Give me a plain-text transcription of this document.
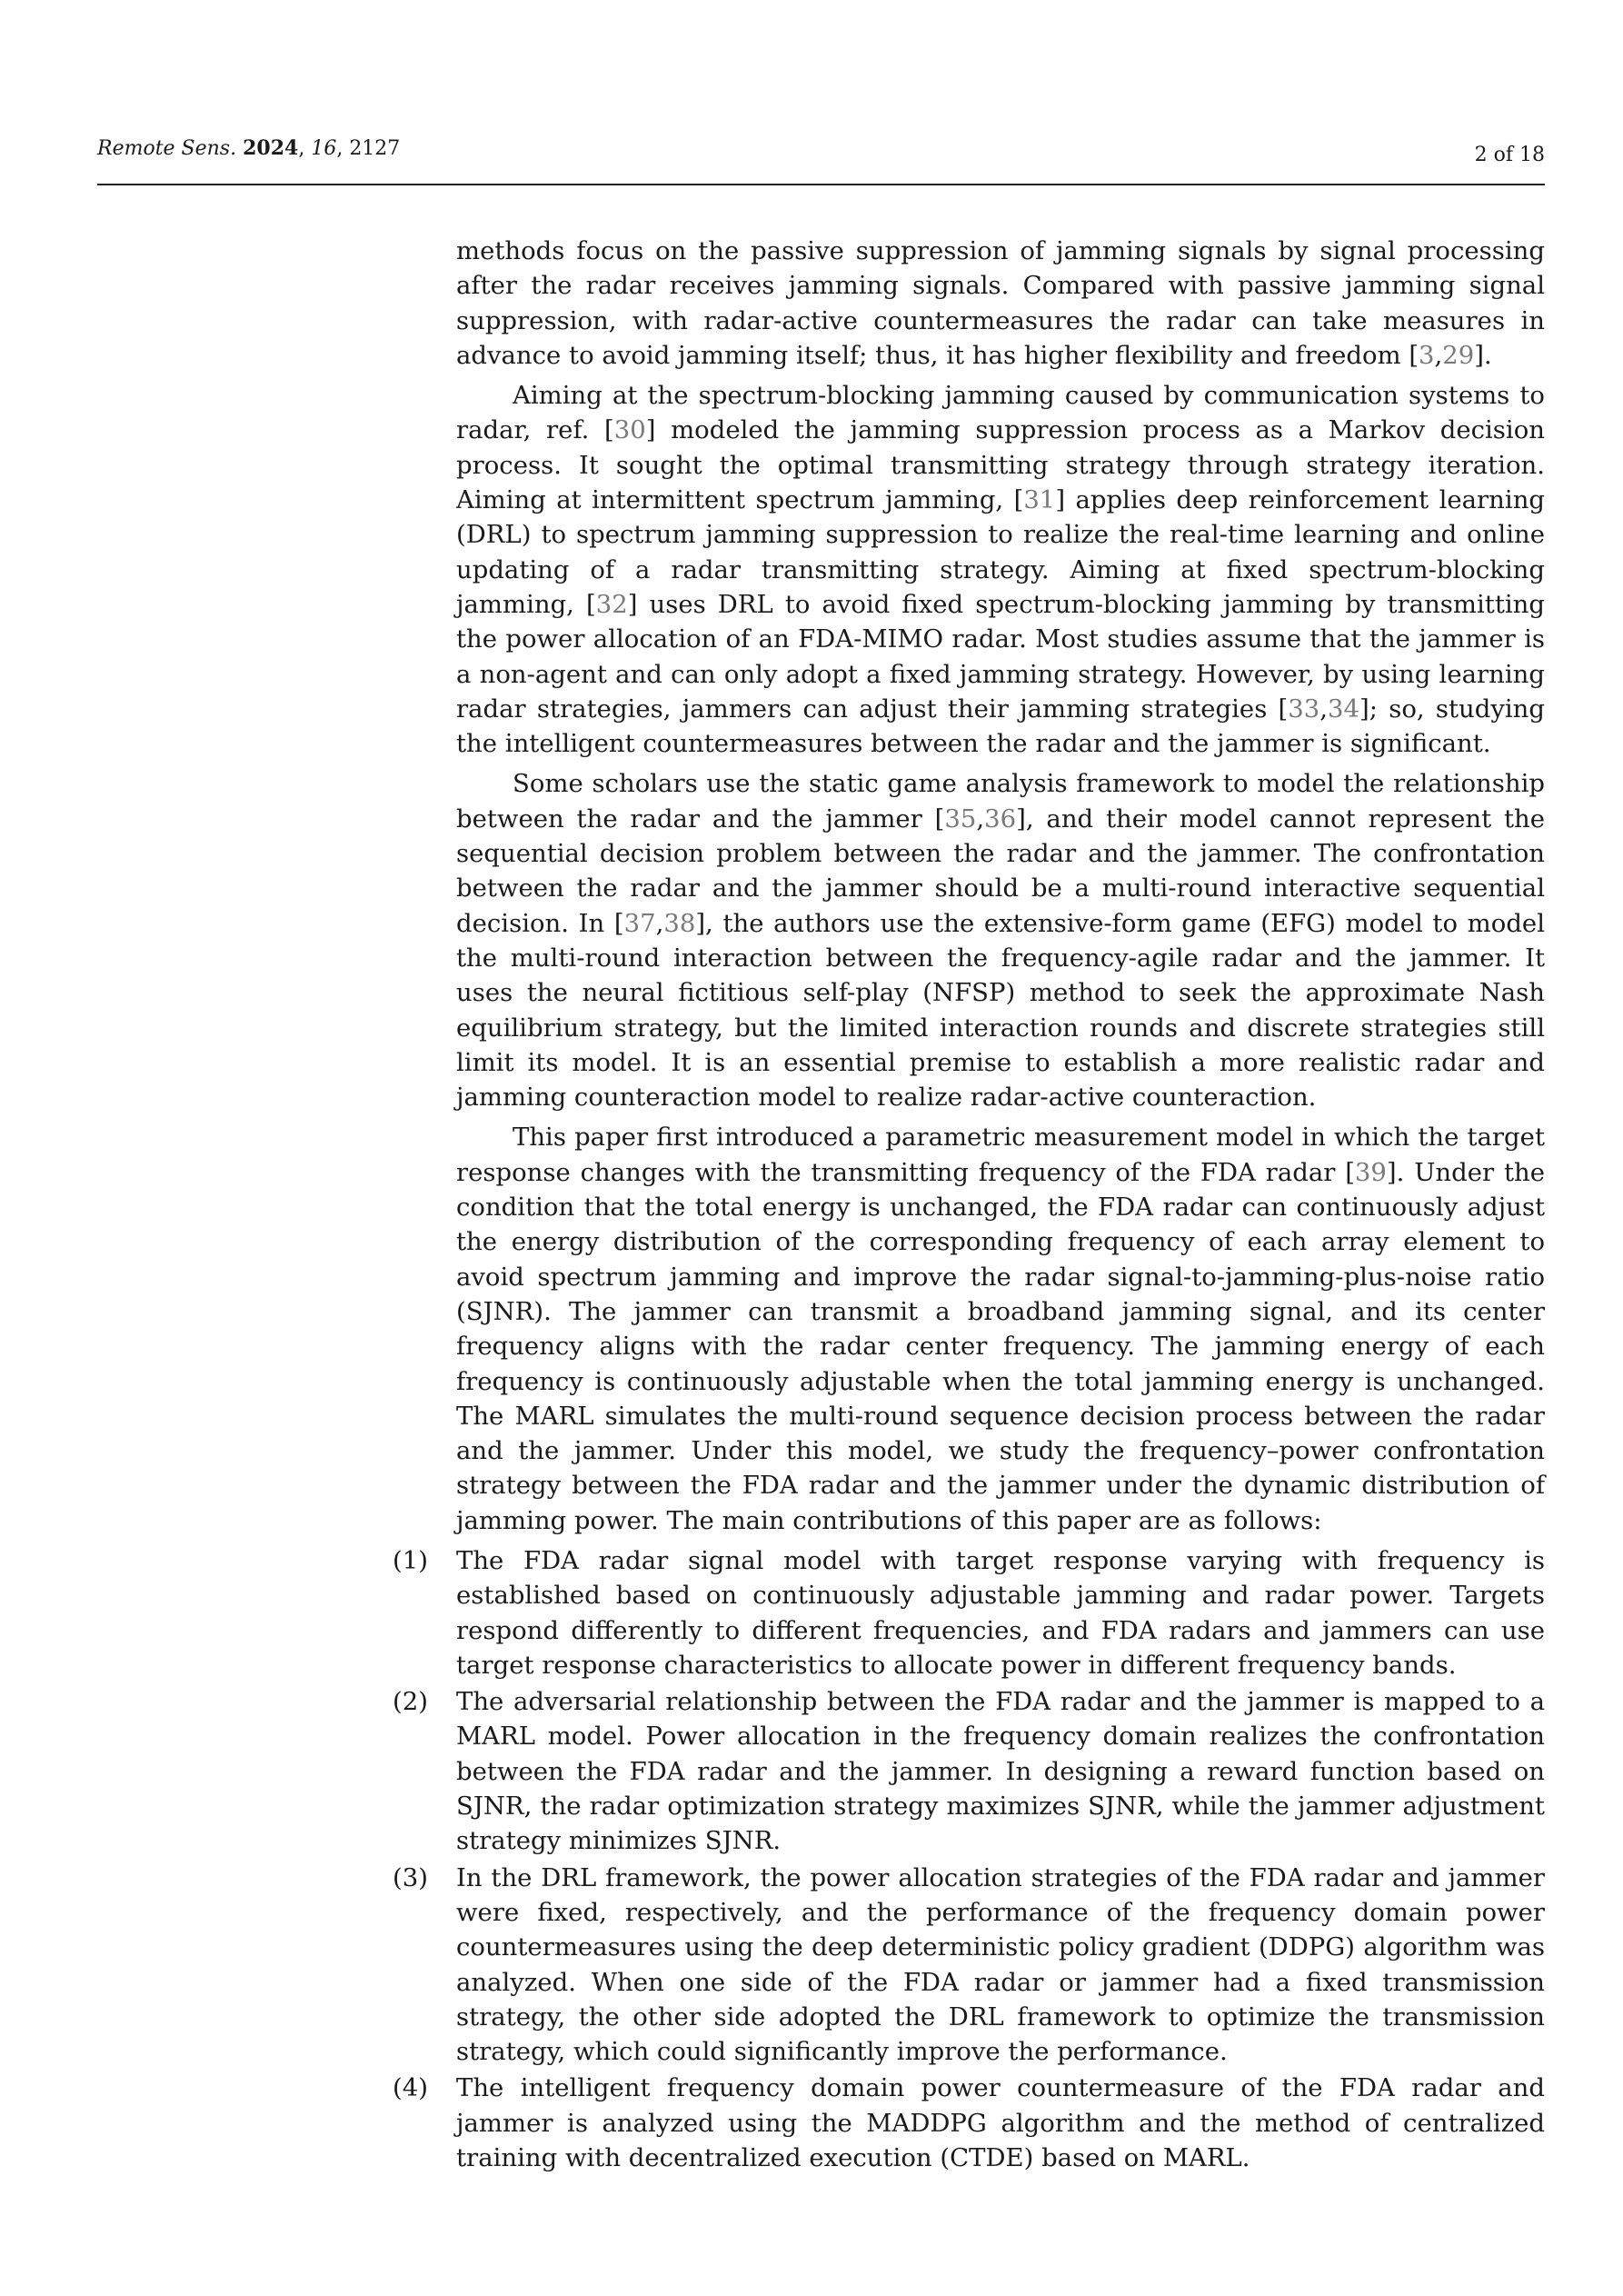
Remote Sens. 2024, 16, 2127	2 of 18

methods focus on the passive suppression of jamming signals by signal processing after the radar receives jamming signals. Compared with passive jamming signal suppression, with radar-active countermeasures the radar can take measures in advance to avoid jamming itself; thus, it has higher flexibility and freedom [3,29].

Aiming at the spectrum-blocking jamming caused by communication systems to radar, ref. [30] modeled the jamming suppression process as a Markov decision process. It sought the optimal transmitting strategy through strategy iteration. Aiming at intermittent spectrum jamming, [31] applies deep reinforcement learning (DRL) to spectrum jamming suppression to realize the real-time learning and online updating of a radar transmitting strategy. Aiming at fixed spectrum-blocking jamming, [32] uses DRL to avoid fixed spectrum-blocking jamming by transmitting the power allocation of an FDA-MIMO radar. Most studies assume that the jammer is a non-agent and can only adopt a fixed jamming strategy. However, by using learning radar strategies, jammers can adjust their jamming strategies [33,34]; so, studying the intelligent countermeasures between the radar and the jammer is significant.

Some scholars use the static game analysis framework to model the relationship between the radar and the jammer [35,36], and their model cannot represent the sequential decision problem between the radar and the jammer. The confrontation between the radar and the jammer should be a multi-round interactive sequential decision. In [37,38], the authors use the extensive-form game (EFG) model to model the multi-round interaction between the frequency-agile radar and the jammer. It uses the neural fictitious self-play (NFSP) method to seek the approximate Nash equilibrium strategy, but the limited interaction rounds and discrete strategies still limit its model. It is an essential premise to establish a more realistic radar and jamming counteraction model to realize radar-active counteraction.

This paper first introduced a parametric measurement model in which the target response changes with the transmitting frequency of the FDA radar [39]. Under the condition that the total energy is unchanged, the FDA radar can continuously adjust the energy distribution of the corresponding frequency of each array element to avoid spectrum jamming and improve the radar signal-to-jamming-plus-noise ratio (SJNR). The jammer can transmit a broadband jamming signal, and its center frequency aligns with the radar center frequency. The jamming energy of each frequency is continuously adjustable when the total jamming energy is unchanged. The MARL simulates the multi-round sequence decision process between the radar and the jammer. Under this model, we study the frequency–power confrontation strategy between the FDA radar and the jammer under the dynamic distribution of jamming power. The main contributions of this paper are as follows:

(1) The FDA radar signal model with target response varying with frequency is established based on continuously adjustable jamming and radar power. Targets respond differently to different frequencies, and FDA radars and jammers can use target response characteristics to allocate power in different frequency bands.
(2) The adversarial relationship between the FDA radar and the jammer is mapped to a MARL model. Power allocation in the frequency domain realizes the confrontation between the FDA radar and the jammer. In designing a reward function based on SJNR, the radar optimization strategy maximizes SJNR, while the jammer adjustment strategy minimizes SJNR.
(3) In the DRL framework, the power allocation strategies of the FDA radar and jammer were fixed, respectively, and the performance of the frequency domain power countermeasures using the deep deterministic policy gradient (DDPG) algorithm was analyzed. When one side of the FDA radar or jammer had a fixed transmission strategy, the other side adopted the DRL framework to optimize the transmission strategy, which could significantly improve the performance.
(4) The intelligent frequency domain power countermeasure of the FDA radar and jammer is analyzed using the MADDPG algorithm and the method of centralized training with decentralized execution (CTDE) based on MARL.
